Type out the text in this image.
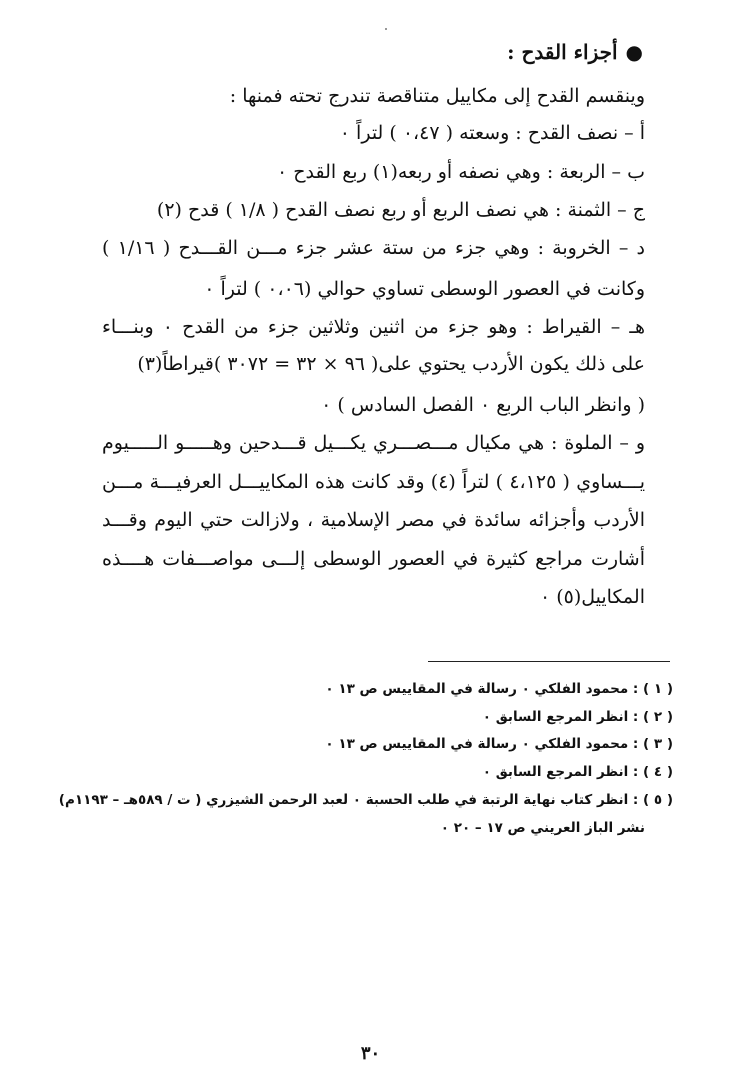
●أجزاء القدح :
وينقسم القدح إلى مكاييل متناقصة تندرج تحته فمنها :
أ – نصف القدح : وسعته ( ٠،٤٧ ) لتراً ٠
ب – الربعة : وهي نصفه أو ربعه(١) ربع القدح ٠
ج – الثمنة : هي نصف الربع أو ربع نصف القدح ( ١/٨ ) قدح (٢)
د – الخروبة : وهي جزء من ستة عشر جزء مـــن القـــدح ( ١/١٦ )
وكانت في العصور الوسطى تساوي حوالي (٠،٠٦ ) لتراً ٠
هـ – القيراط : وهو جزء من اثنين وثلاثين جزء من القدح ٠ وبنـــاء
على ذلك يكون الأردب يحتوي على( ٩٦ × ٣٢ = ٣٠٧٢ )قيراطاً(٣)
( وانظر الباب الربع ٠ الفصل السادس ) ٠
و – الملوة : هي مكيال مـــصـــري يكـــيل قـــدحين وهـــــو الـــــيوم
يـــساوي ( ٤،١٢٥ ) لتراً (٤) وقد كانت هذه المكاييـــل العرفيـــة مـــن
الأردب وأجزائه سائدة في مصر الإسلامية ، ولازالت حتي اليوم وقـــد
أشارت مراجع كثيرة في العصور الوسطى إلـــى مواصـــفات هــــذه
المكاييل(٥) ٠
( ١ ) : محمود الفلكي ٠ رسالة في المقاييس ص ١٣ ٠
( ٢ ) : انظر المرجع السابق ٠
( ٣ ) : محمود الفلكي ٠ رسالة في المقاييس ص ١٣ ٠
( ٤ ) : انظر المرجع السابق ٠
( ٥ ) : انظر كتاب نهاية الرتبة في طلب الحسبة ٠ لعبد الرحمن الشيزري ( ت / ٥٨٩هـ – ١١٩٣م)
نشر الباز العريني ص ١٧ – ٢٠ ٠
٣٠
